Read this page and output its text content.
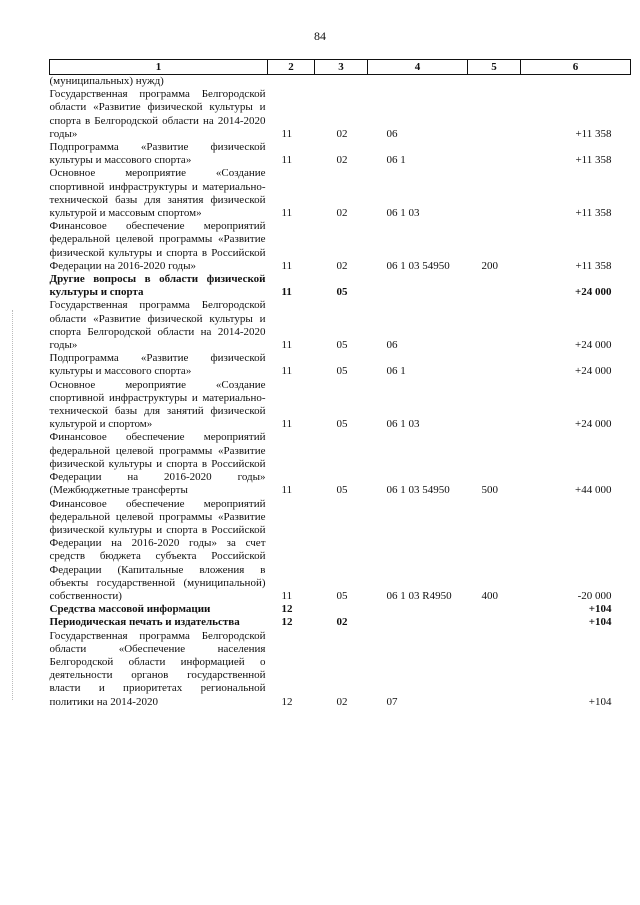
84
1	2	3	4	5	6
(муниципальных) нужд)					
Государственная программа Белгородской области «Развитие физической культуры и спорта в Белгородской области на 2014-2020 годы»	11	02	06		+11 358
Подпрограмма «Развитие физической культуры и массового спорта»	11	02	06 1		+11 358
Основное мероприятие «Создание спортивной инфраструктуры и материально-технической базы для занятия физической культурой и массовым спортом»	11	02	06 1 03		+11 358
Финансовое обеспечение мероприятий федеральной целевой программы «Развитие физической культуры и спорта в Российской Федерации на 2016-2020 годы»	11	02	06 1 03 54950	200	+11 358
Другие вопросы в области физической культуры и спорта	11	05			+24 000
Государственная программа Белгородской области «Развитие физической культуры и спорта Белгородской области на 2014-2020 годы»	11	05	06		+24 000
Подпрограмма «Развитие физической культуры и массового спорта»	11	05	06 1		+24 000
Основное мероприятие «Создание спортивной инфраструктуры и материально-технической базы для занятий физической культурой и спортом»	11	05	06 1 03		+24 000
Финансовое обеспечение мероприятий федеральной целевой программы «Развитие физической культуры и спорта в Российской Федерации на 2016-2020 годы» (Межбюджетные трансферты	11	05	06 1 03 54950	500	+44 000
Финансовое обеспечение мероприятий федеральной целевой программы «Развитие физической культуры и спорта в Российской Федерации на 2016-2020 годы» за счет средств бюджета субъекта Российской Федерации (Капитальные вложения в объекты государственной (муниципальной) собственности)	11	05	06 1 03 R4950	400	-20 000
Средства массовой информации	12				+104
Периодическая печать и издательства	12	02			+104
Государственная программа Белгородской области «Обеспечение населения Белгородской области информацией о деятельности органов государственной власти и приоритетах региональной политики на 2014-2020	12	02	07		+104
